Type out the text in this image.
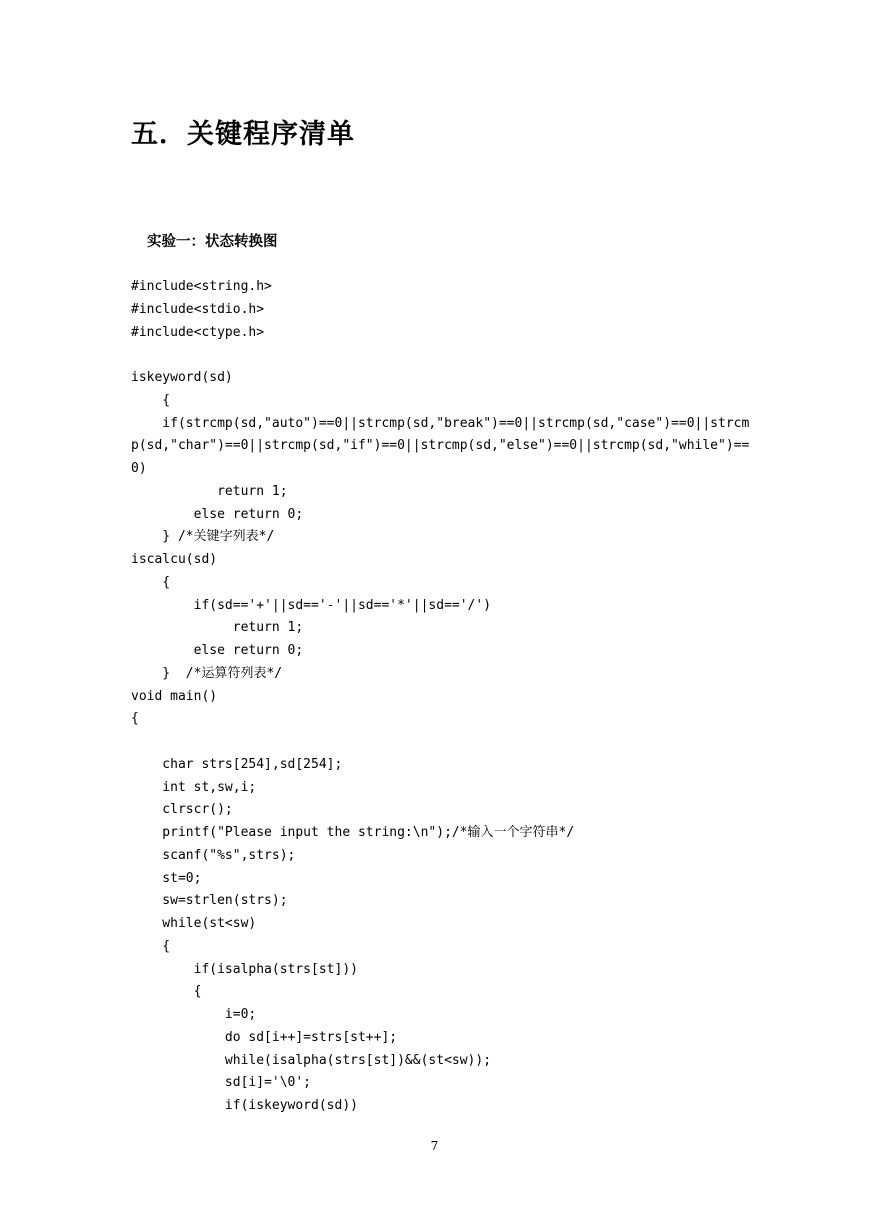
五．关键程序清单
实验一：状态转换图
#include<string.h>
#include<stdio.h>
#include<ctype.h>
iskeyword(sd)
{
if(strcmp(sd,"auto")==0||strcmp(sd,"break")==0||strcmp(sd,"case")==0||strcm
p(sd,"char")==0||strcmp(sd,"if")==0||strcmp(sd,"else")==0||strcmp(sd,"while")==
0)
return 1;
else return 0;
} /*关键字列表*/
iscalcu(sd)
{
if(sd=='+'||sd=='-'||sd=='*'||sd=='/')
return 1;
else return 0;
}  /*运算符列表*/
void main()
{
char strs[254],sd[254];
int st,sw,i;
clrscr();
printf("Please input the string:\n");/*输入一个字符串*/
scanf("%s",strs);
st=0;
sw=strlen(strs);
while(st<sw)
{
if(isalpha(strs[st]))
{
i=0;
do sd[i++]=strs[st++];
while(isalpha(strs[st])&&(st<sw));
sd[i]='\0';
if(iskeyword(sd))
7
